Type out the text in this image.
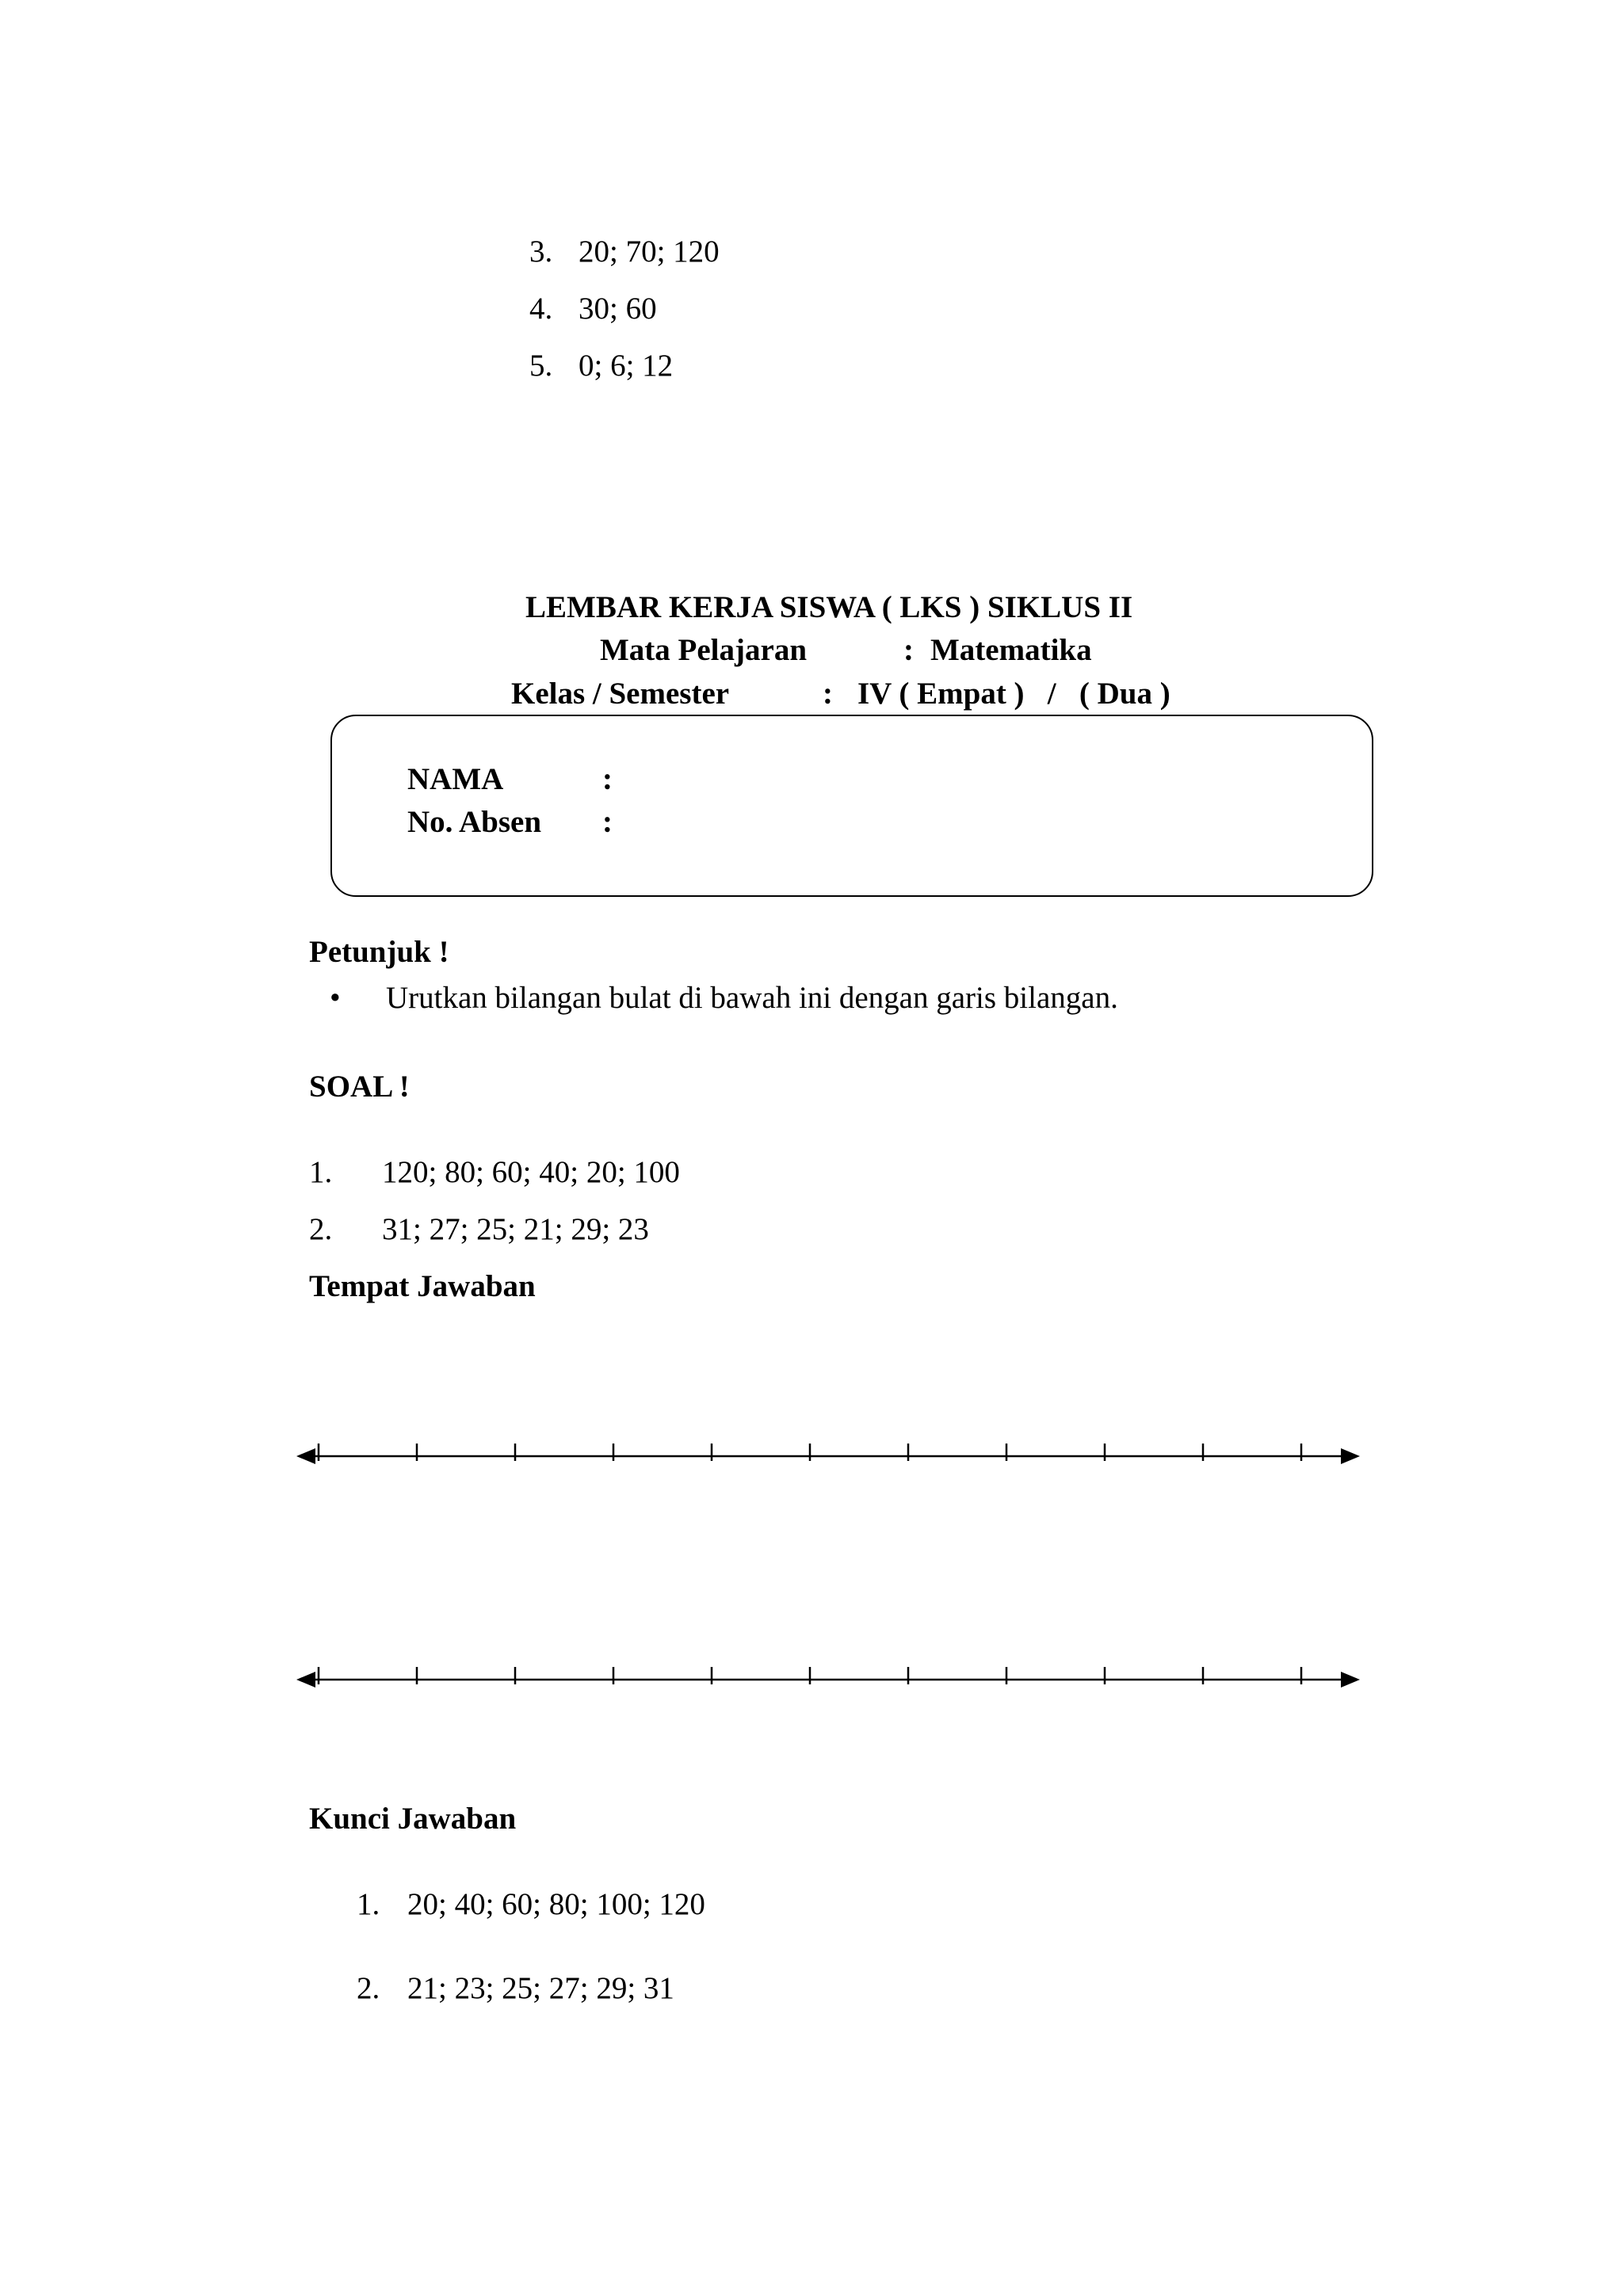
3. 20; 70; 120
4. 30; 60
5. 0; 6; 12
LEMBAR KERJA SISWA ( LKS ) SIKLUS II
Mata Pelajaran	: Matematika
Kelas / Semester	: IV ( Empat )   /   ( Dua )
NAMA	:
No. Absen :
Petunjuk !
• Urutkan bilangan bulat di bawah ini dengan garis bilangan.
SOAL !
1. 120; 80; 60; 40; 20; 100
2. 31; 27; 25; 21; 29; 23
Tempat Jawaban
Kunci Jawaban
1. 20; 40; 60; 80; 100; 120
2. 21; 23; 25; 27; 29; 31
